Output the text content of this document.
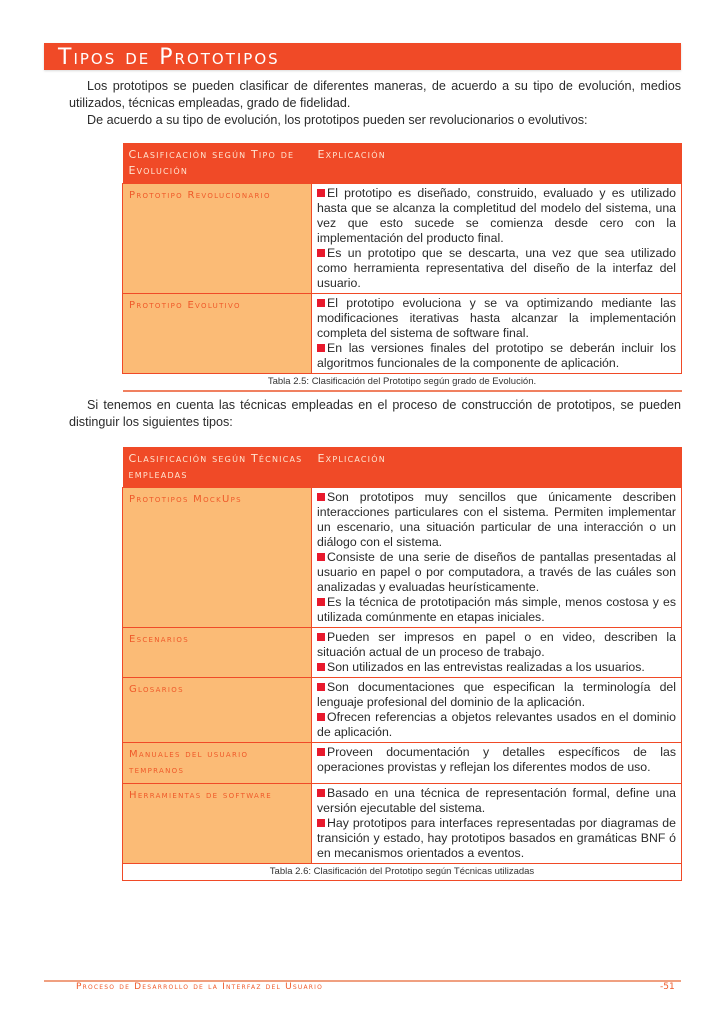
Tipos de Prototipos
Los prototipos se pueden clasificar de diferentes maneras, de acuerdo a su tipo de evolución, medios utilizados, técnicas empleadas, grado de fidelidad.
De acuerdo a su tipo de evolución, los prototipos pueden ser revolucionarios o evolutivos:
Clasificación según Tipo de Evolución	Explicación
Prototipo Revolucionario	El prototipo es diseñado, construido, evaluado y es utilizado hasta que se alcanza la completitud del modelo del sistema, una vez que esto sucede se comienza desde cero con la implementación del producto final.
Es un prototipo que se descarta, una vez que sea utilizado como herramienta representativa del diseño de la interfaz del usuario.

Prototipo Evolutivo	El prototipo evoluciona y se va optimizando mediante las modificaciones iterativas hasta alcanzar la implementación completa del sistema de software final.
En las versiones finales del prototipo se deberán incluir los algoritmos funcionales de la componente de aplicación.

Tabla 2.5: Clasificación del Prototipo según grado de Evolución.	
Si tenemos en cuenta las técnicas empleadas en el proceso de construcción de prototipos, se pueden distinguir los siguientes tipos:
Clasificación según Técnicas empleadas	Explicación
Prototipos MockUps	Son prototipos muy sencillos que únicamente describen interacciones particulares con el sistema. Permiten implementar un escenario, una situación particular de una interacción o un diálogo con el sistema.
Consiste de una serie de diseños de pantallas presentadas al usuario en papel o por computadora, a través de las cuáles son analizadas y evaluadas heurísticamente.
Es la técnica de prototipación más simple, menos costosa y es utilizada comúnmente en etapas iniciales.

Escenarios	Pueden ser impresos en papel o en video, describen la situación actual de un proceso de trabajo.
Son utilizados en las entrevistas realizadas a los usuarios.

Glosarios	Son documentaciones que especifican la terminología del lenguaje profesional del dominio de la aplicación.
Ofrecen referencias a objetos relevantes usados en el dominio de aplicación.

Manuales del usuario tempranos	Proveen documentación y detalles específicos de las operaciones provistas y reflejan los diferentes modos de uso.

Herramientas de software	Basado en una técnica de representación formal, define una versión ejecutable del sistema.
Hay prototipos para interfaces representadas por diagramas de transición y estado, hay prototipos basados en gramáticas BNF ó en mecanismos orientados a eventos.

Tabla 2.6: Clasificación del Prototipo según Técnicas utilizadas	
Proceso de Desarrollo de la Interfaz del Usuario	-51
